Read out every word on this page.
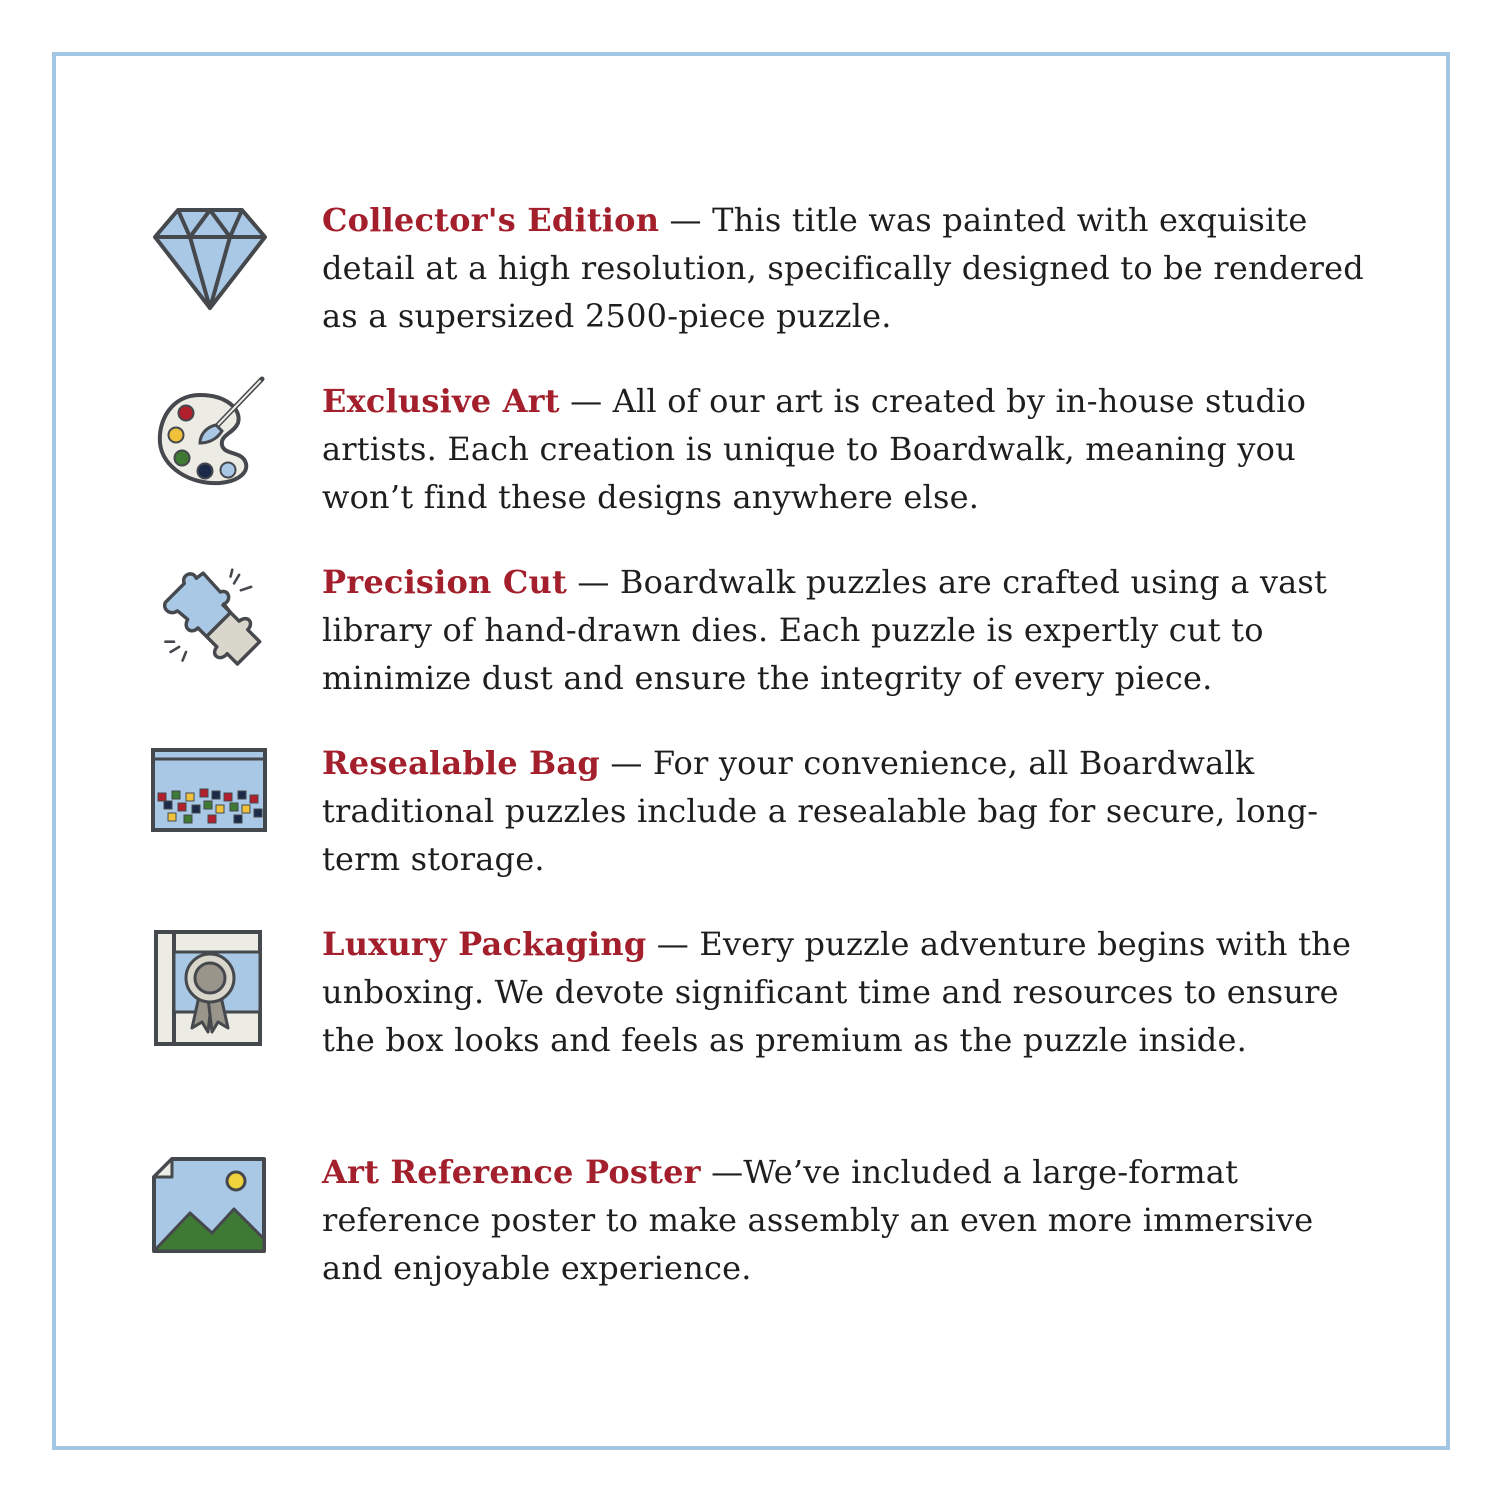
Collector's Edition — This title was painted with exquisite detail at a high resolution, specifically designed to be rendered as a supersized 2500-piece puzzle.
Exclusive Art — All of our art is created by in-house studio artists. Each creation is unique to Boardwalk, meaning you won’t find these designs anywhere else.
Precision Cut — Boardwalk puzzles are crafted using a vast library of hand-drawn dies. Each puzzle is expertly cut to minimize dust and ensure the integrity of every piece.
Resealable Bag — For your convenience, all Boardwalk traditional puzzles include a resealable bag for secure, long-term storage.
Luxury Packaging — Every puzzle adventure begins with the unboxing. We devote significant time and resources to ensure the box looks and feels as premium as the puzzle inside.
Art Reference Poster —We’ve included a large-format reference poster to make assembly an even more immersive and enjoyable experience.
